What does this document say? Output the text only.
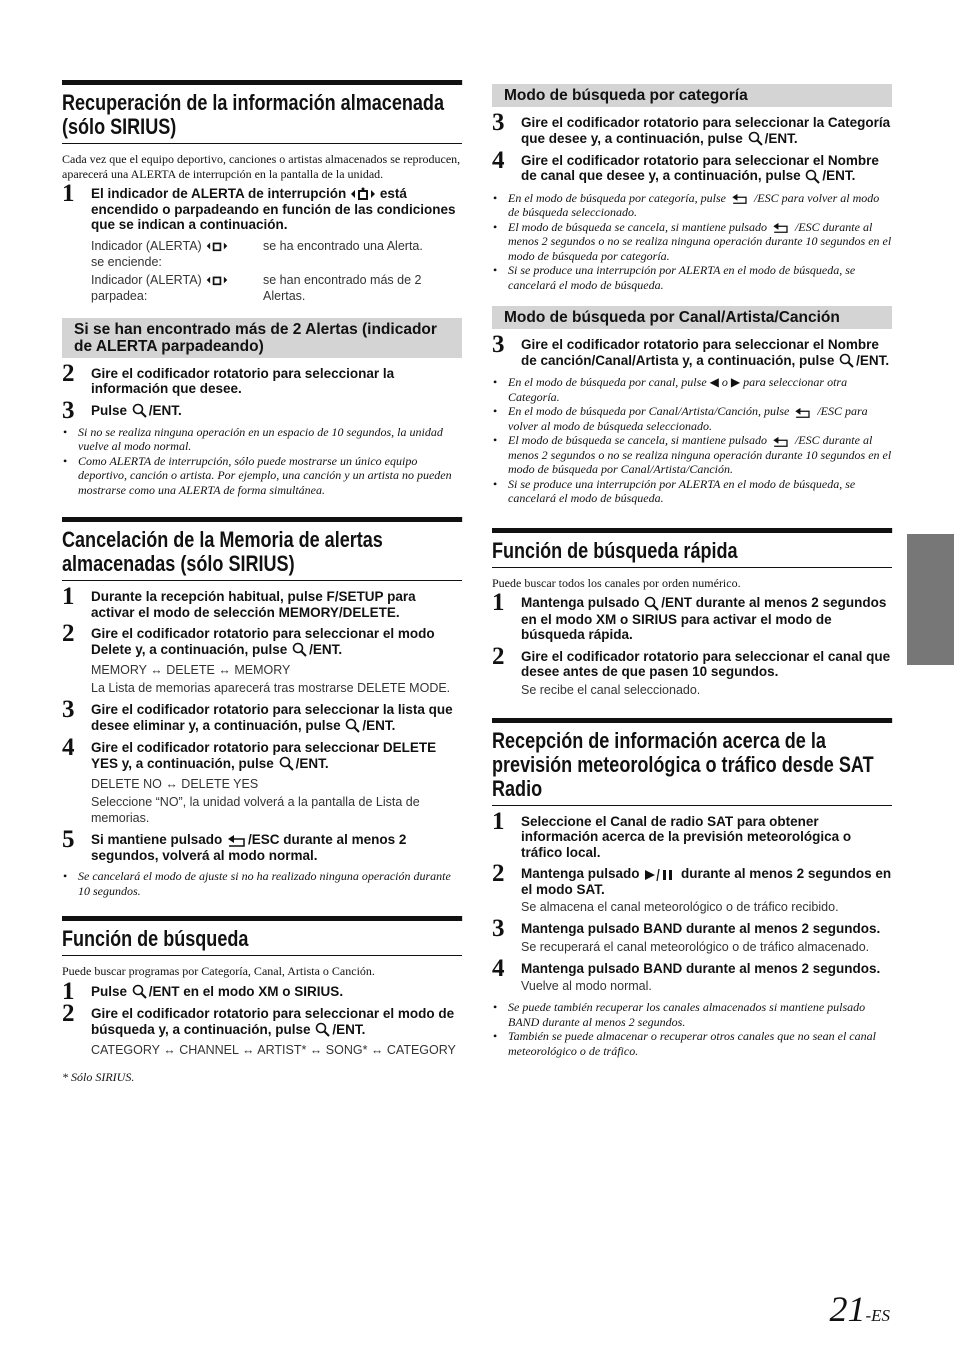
Recuperación de la información almacenada (sólo SIRIUS)

Cada vez que el equipo deportivo, canciones o artistas almacenados se reproducen, aparecerá una ALERTA de interrupción en la pantalla de la unidad.

1 El indicador de ALERTA de interrupción está encendido o parpadeando en función de las condiciones que se indican a continuación.
Indicador (ALERTA)
se enciende:
se ha encontrado una Alerta.
Indicador (ALERTA)
parpadea:
se han encontrado más de 2 Alertas.
Si se han encontrado más de 2 Alertas (indicador de ALERTA parpadeando)
2 Gire el codificador rotatorio para seleccionar la información que desee.
3 Pulse /ENT.
• Si no se realiza ninguna operación en un espacio de 10 segundos, la unidad vuelve al modo normal.
• Como ALERTA de interrupción, sólo puede mostrarse un único equipo deportivo, canción o artista. Por ejemplo, una canción y un artista no pueden mostrarse como una ALERTA de forma simultánea.
Cancelación de la Memoria de alertas almacenadas (sólo SIRIUS)
1 Durante la recepción habitual, pulse F/SETUP para activar el modo de selección MEMORY/DELETE.
2 Gire el codificador rotatorio para seleccionar el modo Delete y, a continuación, pulse /ENT.
MEMORY ↔ DELETE ↔ MEMORY
La Lista de memorias aparecerá tras mostrarse DELETE MODE.
3 Gire el codificador rotatorio para seleccionar la lista que desee eliminar y, a continuación, pulse /ENT.
4 Gire el codificador rotatorio para seleccionar DELETE YES y, a continuación, pulse /ENT.
DELETE NO ↔ DELETE YES
Seleccione “NO”, la unidad volverá a la pantalla de Lista de memorias.
5 Si mantiene pulsado /ESC durante al menos 2 segundos, volverá al modo normal.
• Se cancelará el modo de ajuste si no ha realizado ninguna operación durante 10 segundos.
Función de búsqueda

Puede buscar programas por Categoría, Canal, Artista o Canción.

1 Pulse /ENT en el modo XM o SIRIUS.
2 Gire el codificador rotatorio para seleccionar el modo de búsqueda y, a continuación, pulse /ENT.
CATEGORY ↔ CHANNEL ↔ ARTIST* ↔ SONG* ↔ CATEGORY
* Sólo SIRIUS.
Modo de búsqueda por categoría
3 Gire el codificador rotatorio para seleccionar la Categoría que desee y, a continuación, pulse /ENT.
4 Gire el codificador rotatorio para seleccionar el Nombre de canal que desee y, a continuación, pulse /ENT.
• En el modo de búsqueda por categoría, pulse /ESC para volver al modo de búsqueda seleccionado.
• El modo de búsqueda se cancela, si mantiene pulsado /ESC durante al menos 2 segundos o no se realiza ninguna operación durante 10 segundos en el modo de búsqueda por categoría.
• Si se produce una interrupción por ALERTA en el modo de búsqueda, se cancelará el modo de búsqueda.
Modo de búsqueda por Canal/Artista/Canción
3 Gire el codificador rotatorio para seleccionar el Nombre de canción/Canal/Artista y, a continuación, pulse /ENT.
• En el modo de búsqueda por canal, pulse ◀ o ▶ para seleccionar otra Categoría.
• En el modo de búsqueda por Canal/Artista/Canción, pulse /ESC para volver al modo de búsqueda seleccionado.
• El modo de búsqueda se cancela, si mantiene pulsado /ESC durante al menos 2 segundos o no se realiza ninguna operación durante 10 segundos en el modo de búsqueda por Canal/Artista/Canción.
• Si se produce una interrupción por ALERTA en el modo de búsqueda, se cancelará el modo de búsqueda.
Función de búsqueda rápida

Puede buscar todos los canales por orden numérico.

1 Mantenga pulsado /ENT durante al menos 2 segundos en el modo XM o SIRIUS para activar el modo de búsqueda rápida.
2 Gire el codificador rotatorio para seleccionar el canal que desee antes de que pasen 10 segundos.
Se recibe el canal seleccionado.
Recepción de información acerca de la previsión meteorológica o tráfico desde SAT Radio
1 Seleccione el Canal de radio SAT para obtener información acerca de la previsión meteorológica o tráfico local.
2 Mantenga pulsado	durante al menos 2 segundos en el modo SAT.
Se almacena el canal meteorológico o de tráfico recibido.
3 Mantenga pulsado BAND durante al menos 2 segundos.
Se recuperará el canal meteorológico o de tráfico almacenado.
4 Mantenga pulsado BAND durante al menos 2 segundos.
Vuelve al modo normal.
• Se puede también recuperar los canales almacenados si mantiene pulsado BAND durante al menos 2 segundos.
• También se puede almacenar o recuperar otros canales que no sean el canal meteorológico o de tráfico.
21-ES
